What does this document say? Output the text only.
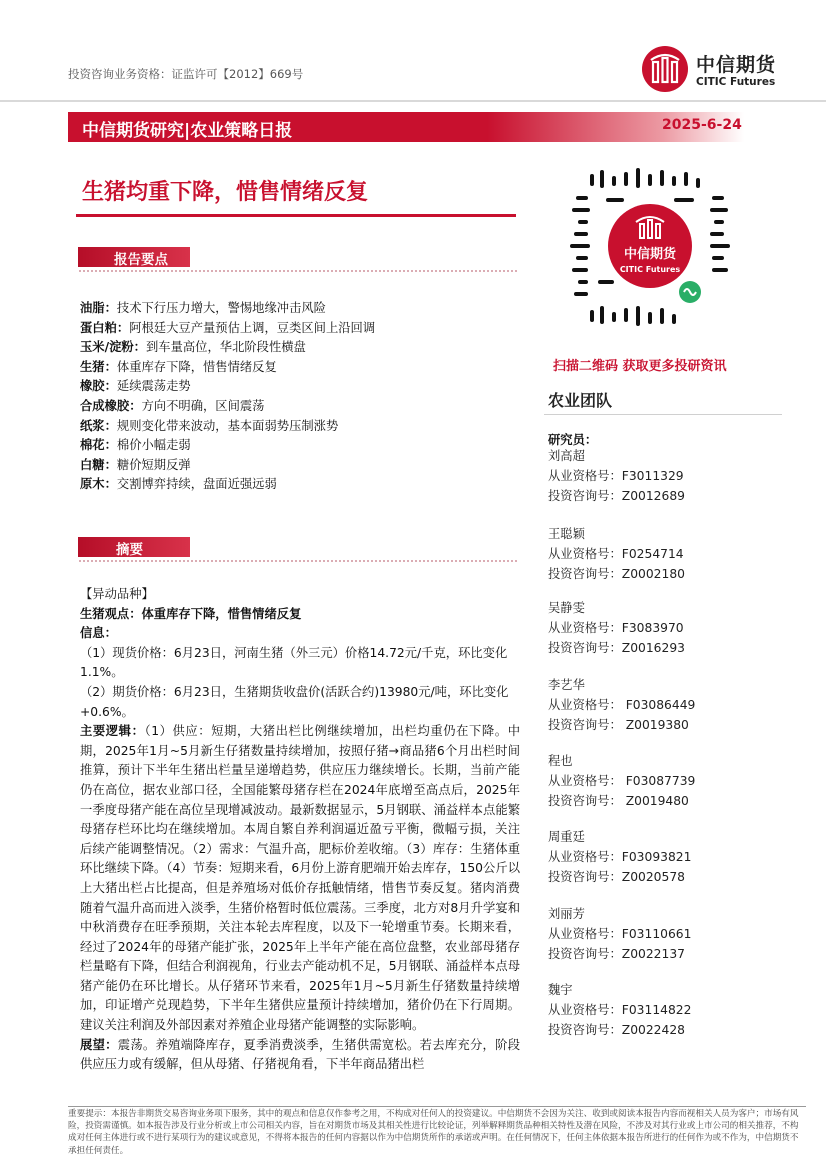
投资咨询业务资格：证监许可【2012】669号	中信期货
CITIC Futures
中信期货研究|农业策略日报	2025-6-24
生猪均重下降，惜售情绪反复
报告要点
油脂：技术下行压力增大，警惕地缘冲击风险
蛋白粕：阿根廷大豆产量预估上调，豆类区间上沿回调
玉米/淀粉：到车量高位，华北阶段性横盘
生猪：体重库存下降，惜售情绪反复
橡胶：延续震荡走势
合成橡胶：方向不明确，区间震荡
纸浆：规则变化带来波动，基本面弱势压制涨势
棉花：棉价小幅走弱
白糖：糖价短期反弹
原木：交割博弈持续，盘面近强远弱
摘要

【异动品种】

生猪观点：体重库存下降，惜售情绪反复

信息：

（1）现货价格：6月23日，河南生猪（外三元）价格14.72元/千克，环比变化1.1%。

（2）期货价格：6月23日，生猪期货收盘价(活跃合约)13980元/吨，环比变化+0.6%。

主要逻辑：（1）供应：短期，大猪出栏比例继续增加，出栏均重仍在下降。中期，2025年1月~5月新生仔猪数量持续增加，按照仔猪→商品猪6个月出栏时间推算，预计下半年生猪出栏量呈递增趋势，供应压力继续增长。长期，当前产能仍在高位，据农业部口径，全国能繁母猪存栏在2024年底增至高点后，2025年一季度母猪产能在高位呈现增减波动。最新数据显示，5月钢联、涌益样本点能繁母猪存栏环比均在继续增加。本周自繁自养利润逼近盈亏平衡，微幅亏损，关注后续产能调整情况。（2）需求：气温升高，肥标价差收缩。（3）库存：生猪体重环比继续下降。（4）节奏：短期来看，6月份上游育肥端开始去库存，150公斤以上大猪出栏占比提高，但是养殖场对低价存抵触情绪，惜售节奏反复。猪肉消费随着气温升高而进入淡季，生猪价格暂时低位震荡。三季度，北方对8月升学宴和中秋消费存在旺季预期，关注本轮去库程度，以及下一轮增重节奏。长期来看，经过了2024年的母猪产能扩张，2025年上半年产能在高位盘整，农业部母猪存栏量略有下降，但结合利润视角，行业去产能动机不足，5月钢联、涌益样本点母猪产能仍在环比增长。从仔猪环节来看，2025年1月~5月新生仔猪数量持续增加，印证增产兑现趋势，下半年生猪供应量预计持续增加，猪价仍在下行周期。建议关注利润及外部因素对养殖企业母猪产能调整的实际影响。

展望：震荡。养殖端降库存，夏季消费淡季，生猪供需宽松。若去库充分，阶段供应压力或有缓解，但从母猪、仔猪视角看，下半年商品猪出栏

中信期货
CITIC Futures
扫描二维码 获取更多投研资讯
农业团队
研究员：
刘高超
从业资格号：F3011329
投资咨询号：Z0012689
王聪颖
从业资格号：F0254714
投资咨询号：Z0002180
吴静雯
从业资格号：F3083970
投资咨询号：Z0016293
李艺华
从业资格号： F03086449
投资咨询号： Z0019380
程也
从业资格号： F03087739
投资咨询号： Z0019480
周重廷
从业资格号：F03093821
投资咨询号：Z0020578
刘丽芳
从业资格号：F03110661
投资咨询号：Z0022137
魏宇
从业资格号：F03114822
投资咨询号：Z0022428
重要提示：本报告非期货交易咨询业务项下服务，其中的观点和信息仅作参考之用，不构成对任何人的投资建议。中信期货不会因为关注、收到或阅读本报告内容而视相关人员为客户；市场有风险，投资需谨慎。如本报告涉及行业分析或上市公司相关内容，旨在对期货市场及其相关性进行比较论证，列举解释期货品种相关特性及潜在风险，不涉及对其行业或上市公司的相关推荐，不构成对任何主体进行或不进行某项行为的建议或意见，不得将本报告的任何内容据以作为中信期货所作的承诺或声明。在任何情况下，任何主体依据本报告所进行的任何作为或不作为，中信期货不承担任何责任。
